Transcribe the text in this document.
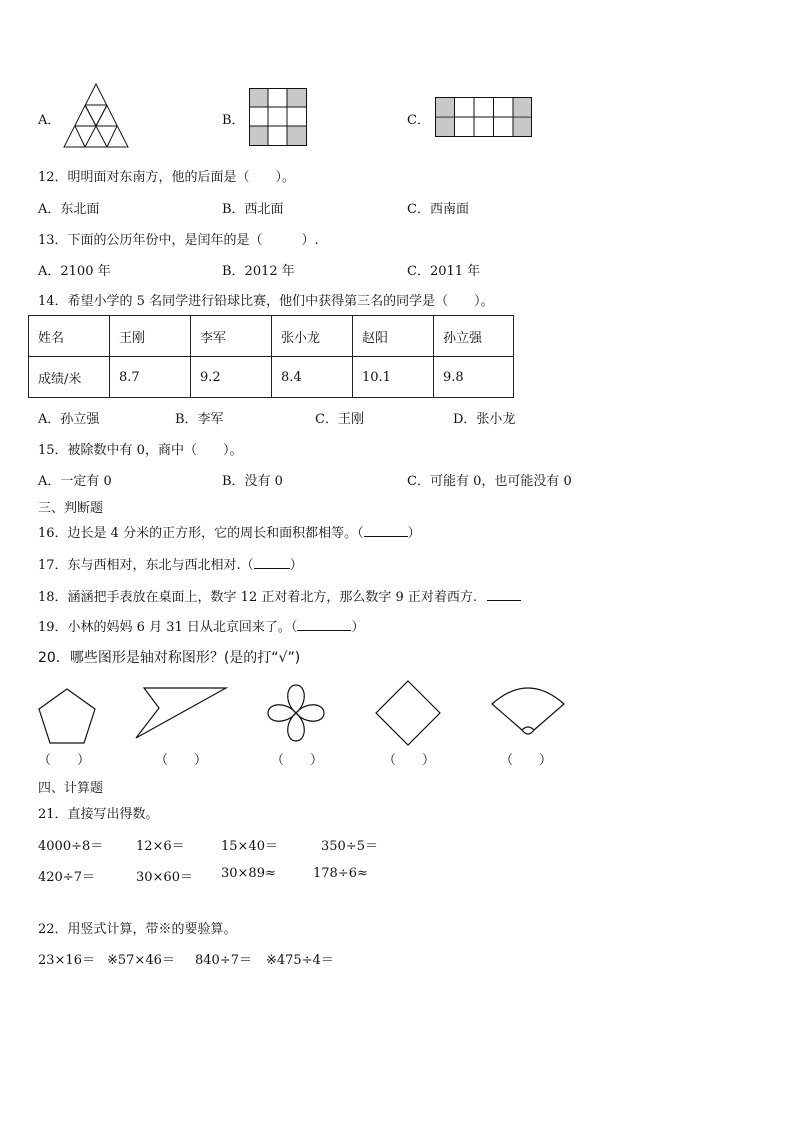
A．	B．	C．
12．明明面对东南方，他的后面是（　　）。
A．东北面	B．西北面	C．西南面
13．下面的公历年份中，是闰年的是（　　　）.
A．2100 年	B．2012 年	C．2011 年
14．希望小学的 5 名同学进行铅球比赛，他们中获得第三名的同学是（　　）。
姓名	王刚	李军	张小龙	赵阳	孙立强
成绩/米	8.7	9.2	8.4	10.1	9.8
A．孙立强	B．李军	C．王刚	D．张小龙
15．被除数中有 0，商中（　　）。
A．一定有 0	B．没有 0	C．可能有 0，也可能没有 0
三、判断题
16．边长是 4 分米的正方形，它的周长和面积都相等。（	）
17．东与西相对，东北与西北相对.（	）
18．涵涵把手表放在桌面上，数字 12 正对着北方，那么数字 9 正对着西方.
19．小林的妈妈 6 月 31 日从北京回来了。（	）
20．哪些图形是轴对称图形？(是的打“√”)
（　　）	（　　）	（　　）	（　　）	（　　）
四、计算题
21．直接写出得数。
4000÷8＝	12×6＝	15×40＝	350÷5＝
420÷7＝	30×60＝ 30×89≈	178÷6≈
22．用竖式计算，带※的要验算。
23×16＝ ※57×46＝ 840÷7＝ ※475÷4＝
